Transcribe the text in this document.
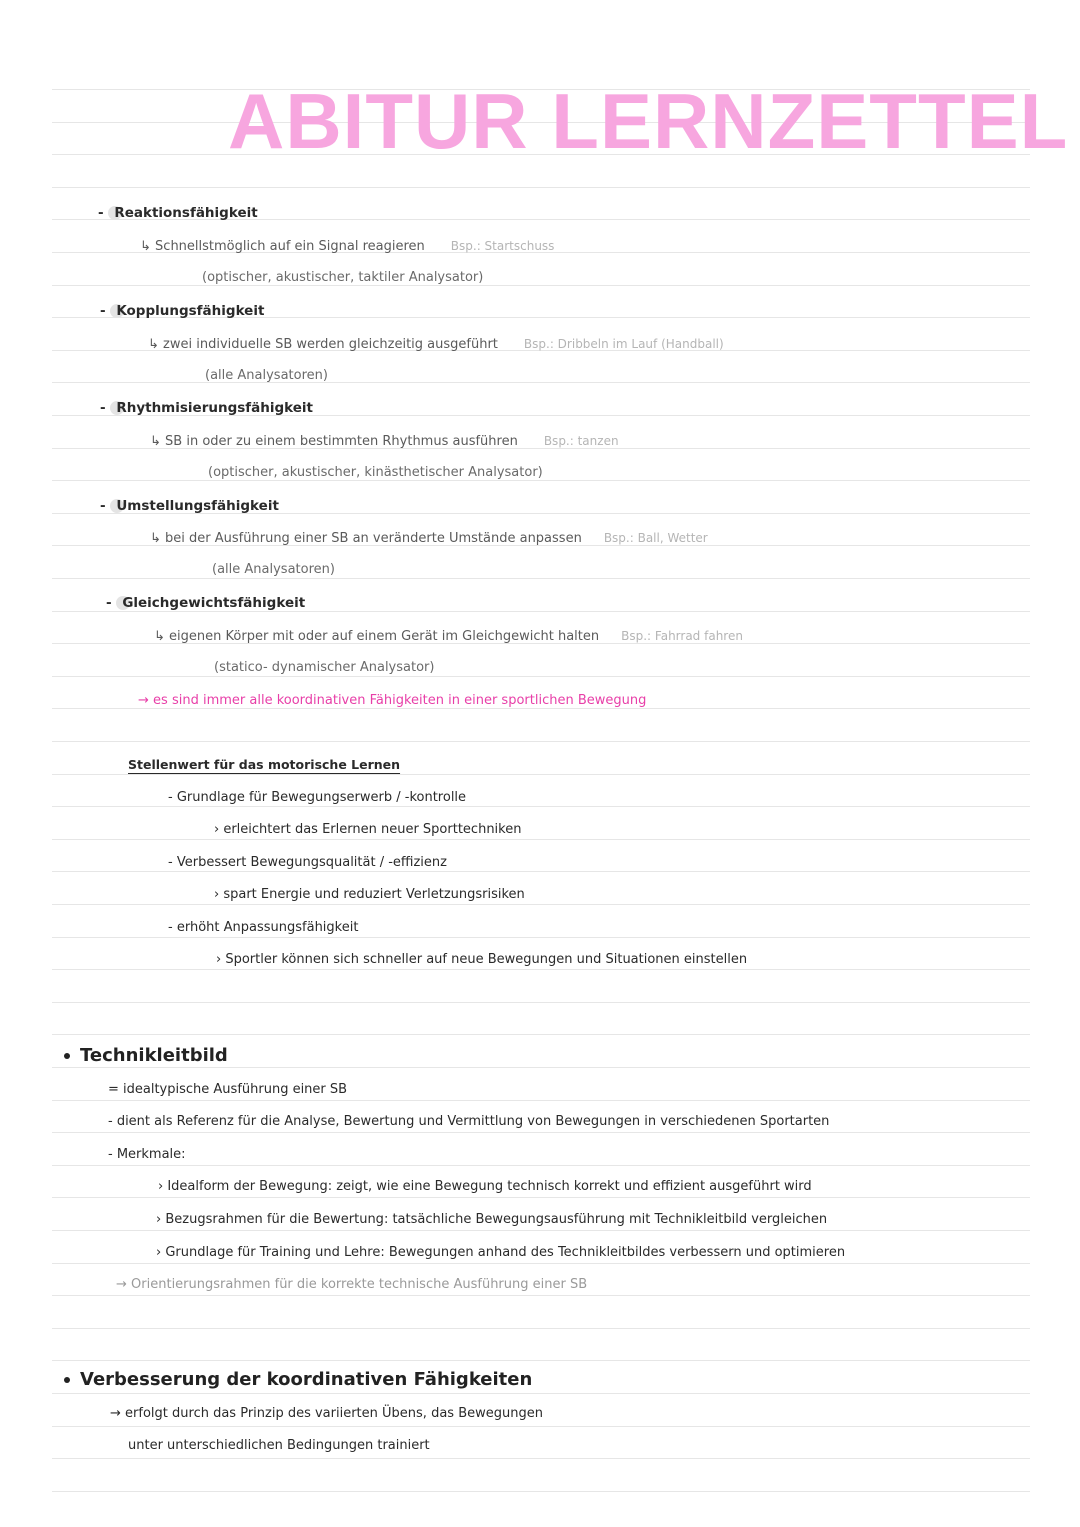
ABITUR LERNZETTEL
- Reaktionsfähigkeit
↳ Schnellstmöglich auf ein Signal reagieren Bsp.: Startschuss
(optischer, akustischer, taktiler Analysator)
- Kopplungsfähigkeit
↳ zwei individuelle SB werden gleichzeitig ausgeführt Bsp.: Dribbeln im Lauf (Handball)
(alle Analysatoren)
- Rhythmisierungsfähigkeit
↳ SB in oder zu einem bestimmten Rhythmus ausführen Bsp.: tanzen
(optischer, akustischer, kinästhetischer Analysator)
- Umstellungsfähigkeit
↳ bei der Ausführung einer SB an veränderte Umstände anpassen Bsp.: Ball, Wetter
(alle Analysatoren)
- Gleichgewichtsfähigkeit
↳ eigenen Körper mit oder auf einem Gerät im Gleichgewicht halten Bsp.: Fahrrad fahren
(statico- dynamischer Analysator)
→ es sind immer alle koordinativen Fähigkeiten in einer sportlichen Bewegung
Stellenwert für das motorische Lernen
- Grundlage für Bewegungserwerb / -kontrolle
› erleichtert das Erlernen neuer Sporttechniken
- Verbessert Bewegungsqualität / -effizienz
› spart Energie und reduziert Verletzungsrisiken
- erhöht Anpassungsfähigkeit
› Sportler können sich schneller auf neue Bewegungen und Situationen einstellen
Technikleitbild
= idealtypische Ausführung einer SB
- dient als Referenz für die Analyse, Bewertung und Vermittlung von Bewegungen in verschiedenen Sportarten
- Merkmale:
› Idealform der Bewegung: zeigt, wie eine Bewegung technisch korrekt und effizient ausgeführt wird
› Bezugsrahmen für die Bewertung: tatsächliche Bewegungsausführung mit Technikleitbild vergleichen
› Grundlage für Training und Lehre: Bewegungen anhand des Technikleitbildes verbessern und optimieren
→ Orientierungsrahmen für die korrekte technische Ausführung einer SB
Verbesserung der koordinativen Fähigkeiten
→ erfolgt durch das Prinzip des variierten Übens, das Bewegungen
unter unterschiedlichen Bedingungen trainiert
